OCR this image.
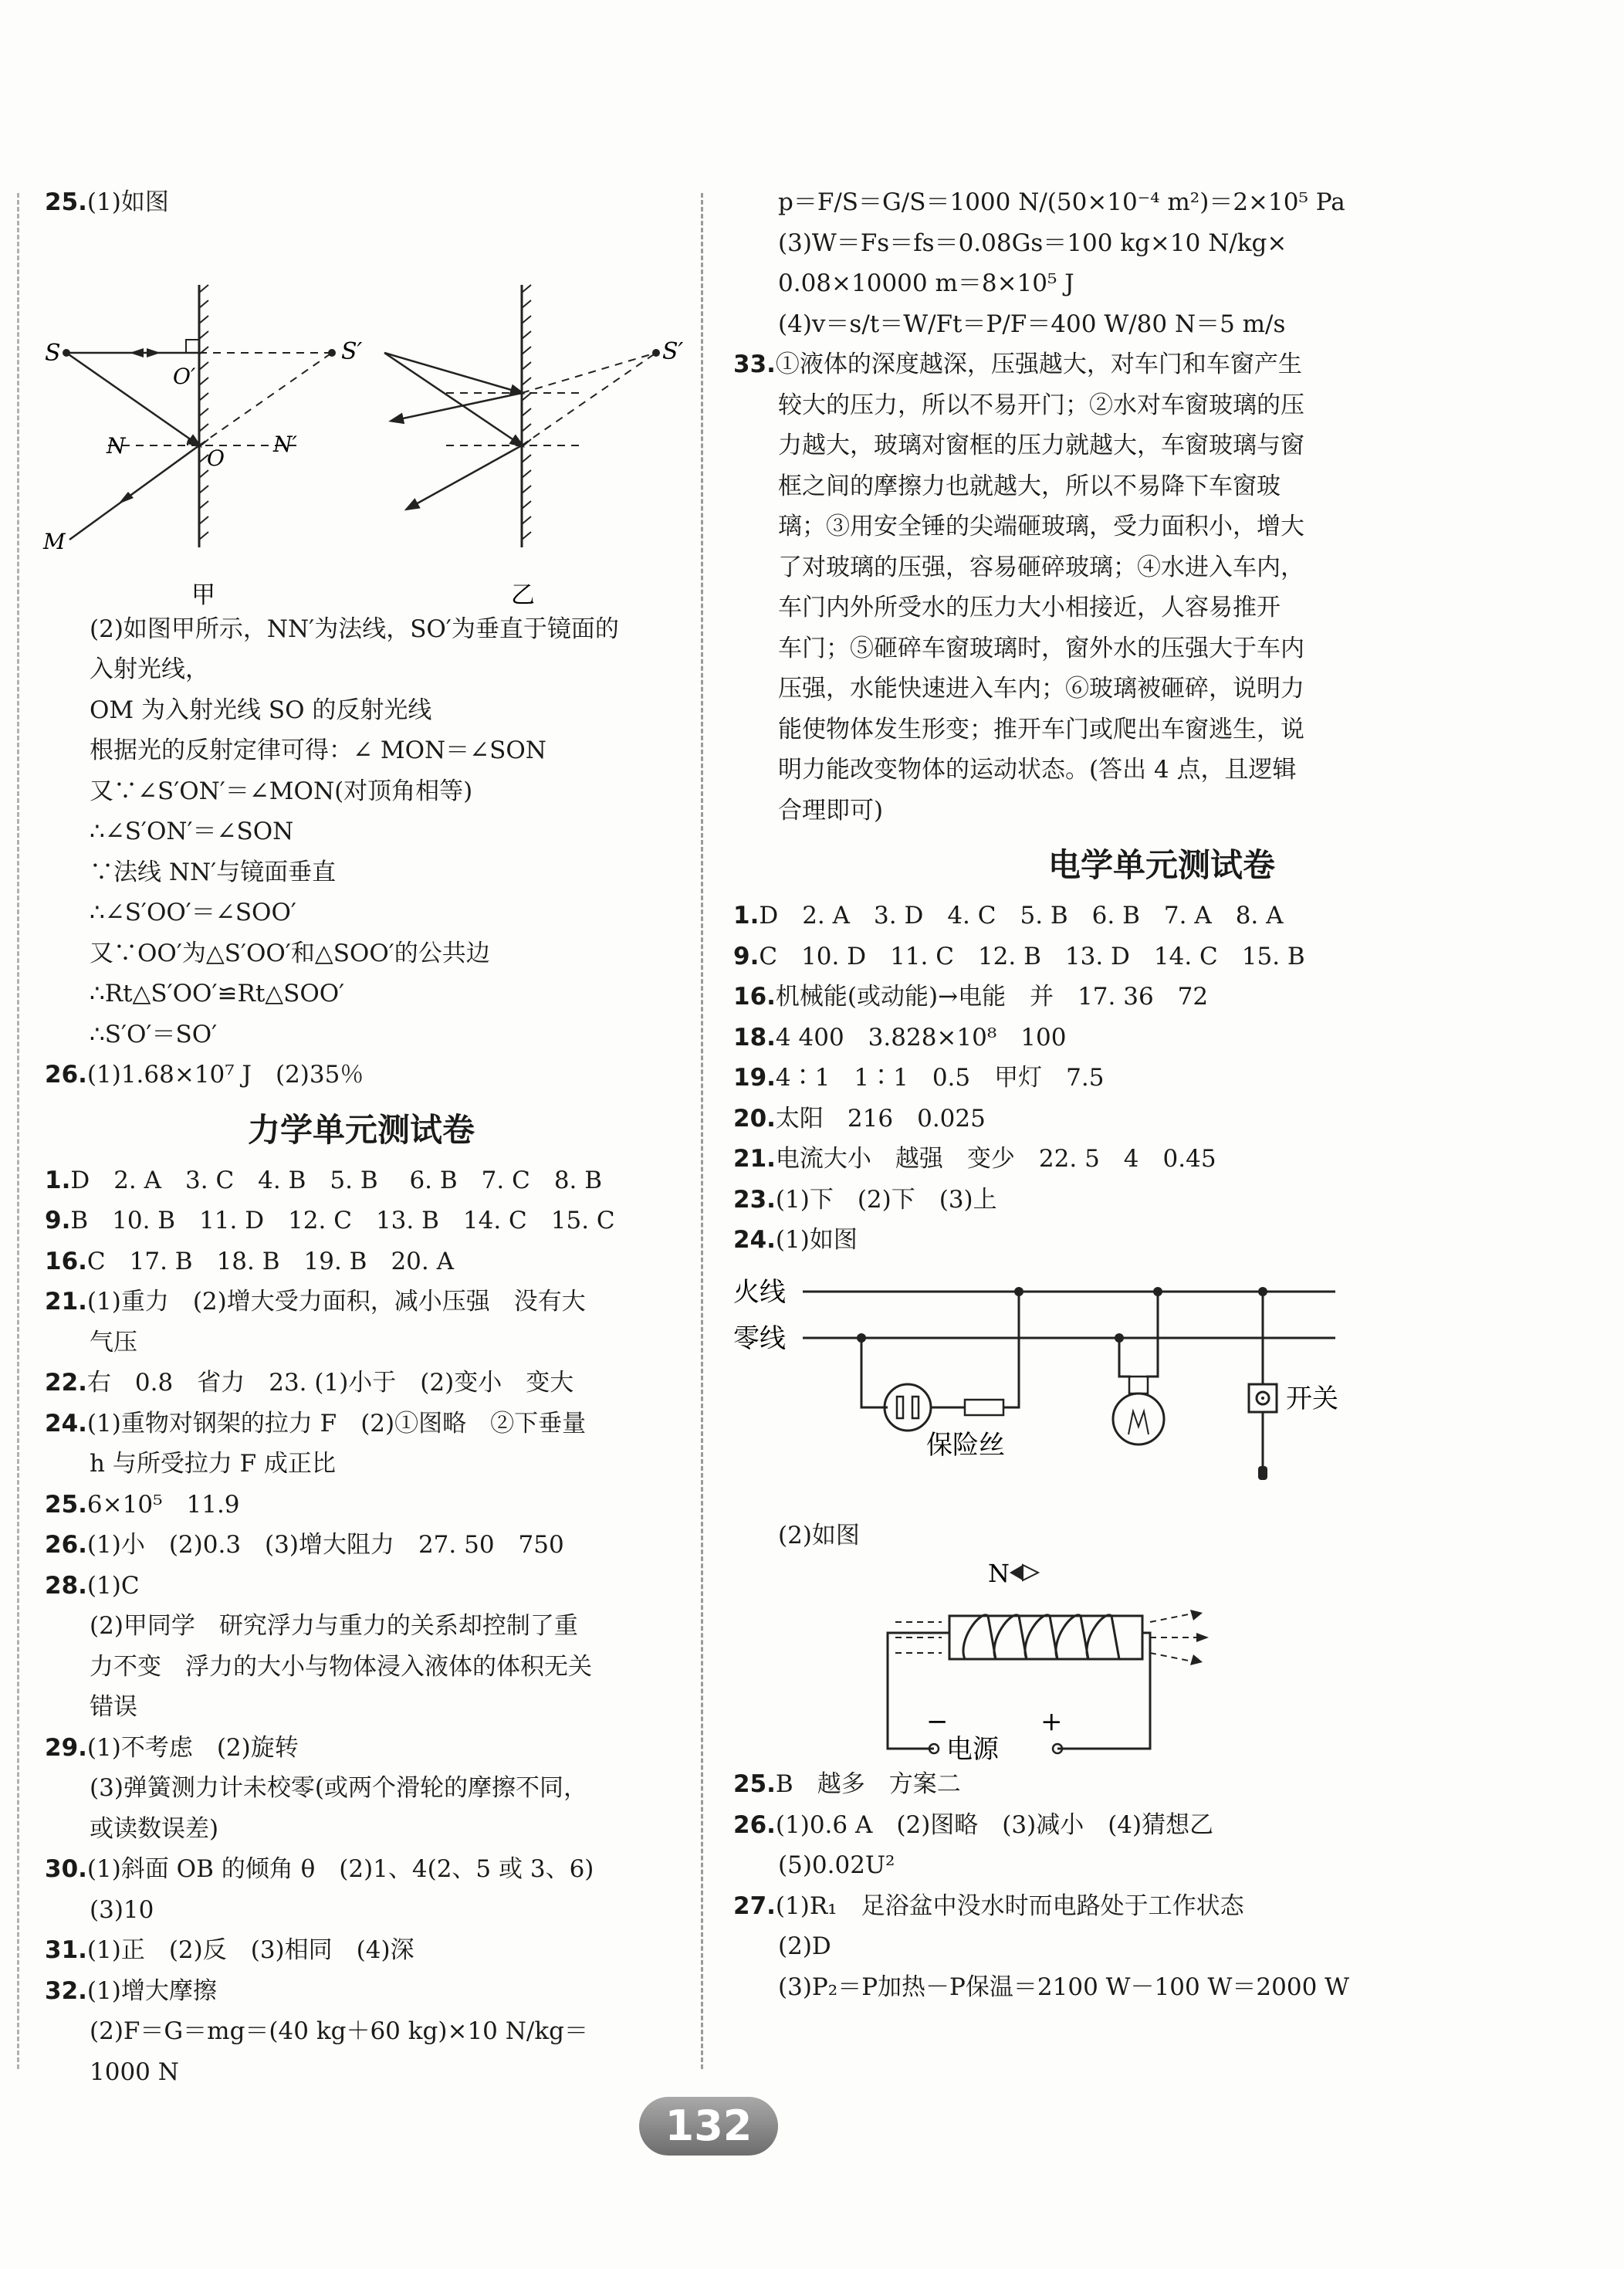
25.(1)如图
S	S′
O′
N	O
N′
M
S′
甲	乙
(2)如图甲所示，NN′为法线，SO′为垂直于镜面的
入射光线，
OM 为入射光线 SO 的反射光线
根据光的反射定律可得：∠ MON＝∠SON
又∵∠S′ON′＝∠MON(对顶角相等)
∴∠S′ON′＝∠SON
∵法线 NN′与镜面垂直
∴∠S′OO′＝∠SOO′
又∵OO′为△S′OO′和△SOO′的公共边
∴Rt△S′OO′≌Rt△SOO′
∴S′O′＝SO′
26.(1)1.68×10⁷ J　(2)35％
力学单元测试卷
1.D　2. A　3. C　4. B　5. B　 6. B　7. C　8. B
9.B　10. B　11. D　12. C　13. B　14. C　15. C
16.C　17. B　18. B　19. B　20. A
21.(1)重力　(2)增大受力面积，减小压强　没有大
气压
22.右　0.8　省力　23. (1)小于　(2)变小　变大
24.(1)重物对钢架的拉力 F　(2)①图略　②下垂量
h 与所受拉力 F 成正比
25.6×10⁵　11.9
26.(1)小　(2)0.3　(3)增大阻力　27. 50　750
28.(1)C
(2)甲同学　研究浮力与重力的关系却控制了重
力不变　浮力的大小与物体浸入液体的体积无关
错误
29.(1)不考虑　(2)旋转
(3)弹簧测力计未校零(或两个滑轮的摩擦不同，
或读数误差)
30.(1)斜面 OB 的倾角 θ　(2)1、4(2、5 或 3、6)
(3)10
31.(1)正　(2)反　(3)相同　(4)深
32.(1)增大摩擦
(2)F＝G＝mg＝(40 kg＋60 kg)×10 N/kg＝
1000 N
p＝F/S＝G/S＝1000 N/(50×10⁻⁴ m²)＝2×10⁵ Pa
(3)W＝Fs＝fs＝0.08Gs＝100 kg×10 N/kg×
0.08×10000 m＝8×10⁵ J
(4)v＝s/t＝W/Ft＝P/F＝400 W/80 N＝5 m/s
33.①液体的深度越深，压强越大，对车门和车窗产生
较大的压力，所以不易开门；②水对车窗玻璃的压
力越大，玻璃对窗框的压力就越大，车窗玻璃与窗
框之间的摩擦力也就越大，所以不易降下车窗玻
璃；③用安全锤的尖端砸玻璃，受力面积小，增大
了对玻璃的压强，容易砸碎玻璃；④水进入车内，
车门内外所受水的压力大小相接近，人容易推开
车门；⑤砸碎车窗玻璃时，窗外水的压强大于车内
压强，水能快速进入车内；⑥玻璃被砸碎，说明力
能使物体发生形变；推开车门或爬出车窗逃生，说
明力能改变物体的运动状态。(答出 4 点，且逻辑
合理即可)
电学单元测试卷
1.D　2. A　3. D　4. C　5. B　6. B　7. A　8. A
9.C　10. D　11. C　12. B　13. D　14. C　15. B
16.机械能(或动能)→电能　并　17. 36　72
18.4 400　3.828×10⁸　100
19.4∶1　1∶1　0.5　甲灯　7.5
20.太阳　216　0.025
21.电流大小　越强　变少　22. 5　4　0.45
23.(1)下　(2)下　(3)上
24.(1)如图
火线
零线
保险丝
开关
(2)如图
N
−	+
电源
25.B　越多　方案二
26.(1)0.6 A　(2)图略　(3)减小　(4)猜想乙
(5)0.02U²
27.(1)R₁　足浴盆中没水时而电路处于工作状态
(2)D
(3)P₂＝P加热－P保温＝2100 W－100 W＝2000 W
132
